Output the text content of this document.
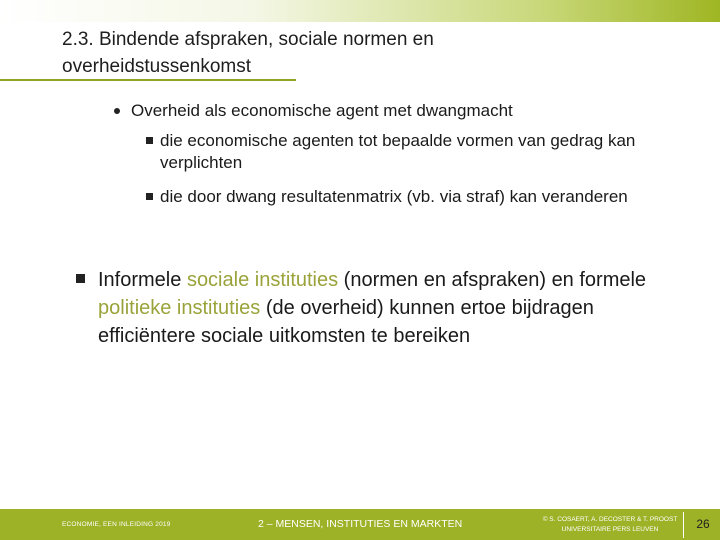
2.3. Bindende afspraken, sociale normen en overheidstussenkomst
Overheid als economische agent met dwangmacht
die economische agenten tot bepaalde vormen van gedrag kan verplichten
die door dwang resultatenmatrix (vb. via straf) kan veranderen
Informele sociale instituties (normen en afspraken) en formele politieke instituties (de overheid) kunnen ertoe bijdragen efficiëntere sociale uitkomsten te bereiken
ECONOMIE, EEN INLEIDING 2019	2 – MENSEN, INSTITUTIES EN MARKTEN	© S. COSAERT, A. DECOSTER & T. PROOST
UNIVERSITAIRE PERS LEUVEN	26
